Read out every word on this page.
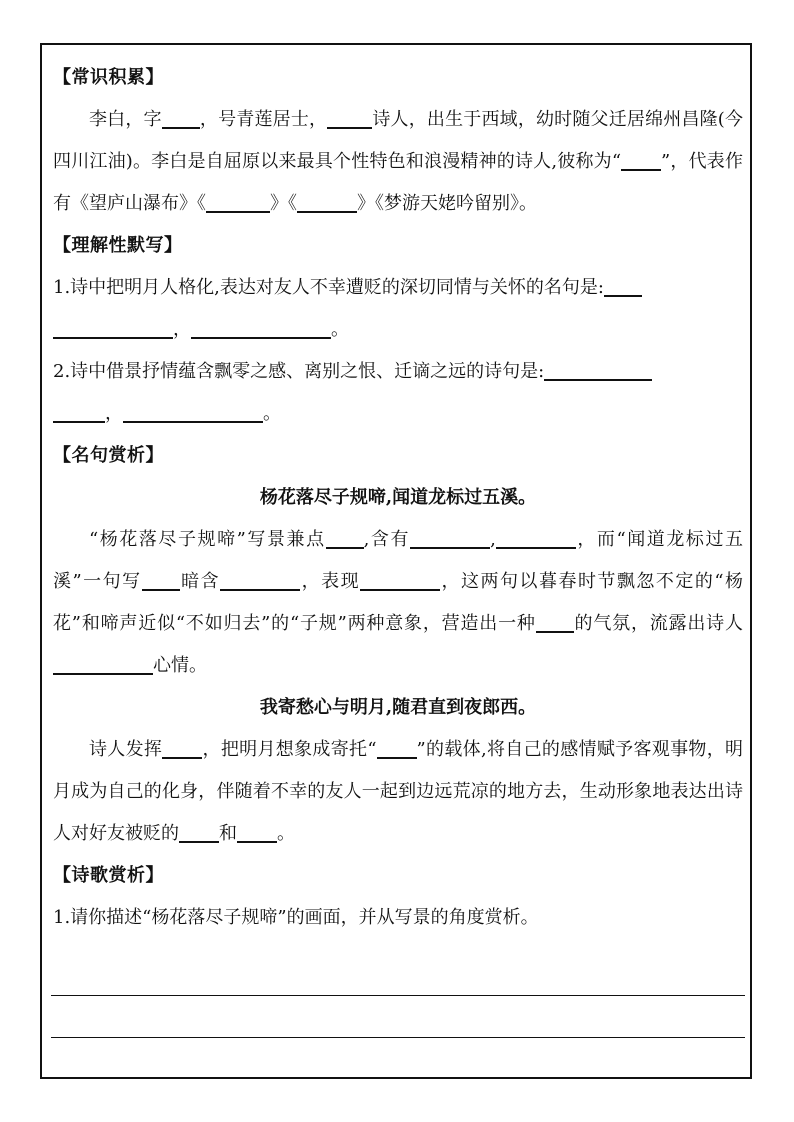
【常识积累】
李白，字 ，号青莲居士，	诗人，出生于西域，幼时随父迁居绵州昌隆(今四川江油)。李白是自屈原以来最具个性特色和浪漫精神的诗人,彼称为“ ”，代表作有《望庐山瀑布》《	》《	》《梦游天姥吟留别》。
【理解性默写】
1.诗中把明月人格化,表达对友人不幸遭贬的深切同情与关怀的名句是:
，	。
2.诗中借景抒情蕴含飘零之感、离别之恨、迁谪之远的诗句是:
，	。
【名句赏析】
杨花落尽子规啼,闻道龙标过五溪。
“杨花落尽子规啼”写景兼点 ,含有	,	，而“闻道龙标过五溪”一句写 暗含	，表现	，这两句以暮春时节飘忽不定的“杨花”和啼声近似“不如归去”的“子规”两种意象，营造出一种 的气氛，流露出诗人心情。
我寄愁心与明月,随君直到夜郎西。
诗人发挥 ，把明月想象成寄托“ ”的载体,将自己的感情赋予客观事物，明月成为自己的化身，伴随着不幸的友人一起到边远荒凉的地方去，生动形象地表达出诗人对好友被贬的 和 。
【诗歌赏析】
1.请你描述“杨花落尽子规啼”的画面，并从写景的角度赏析。
